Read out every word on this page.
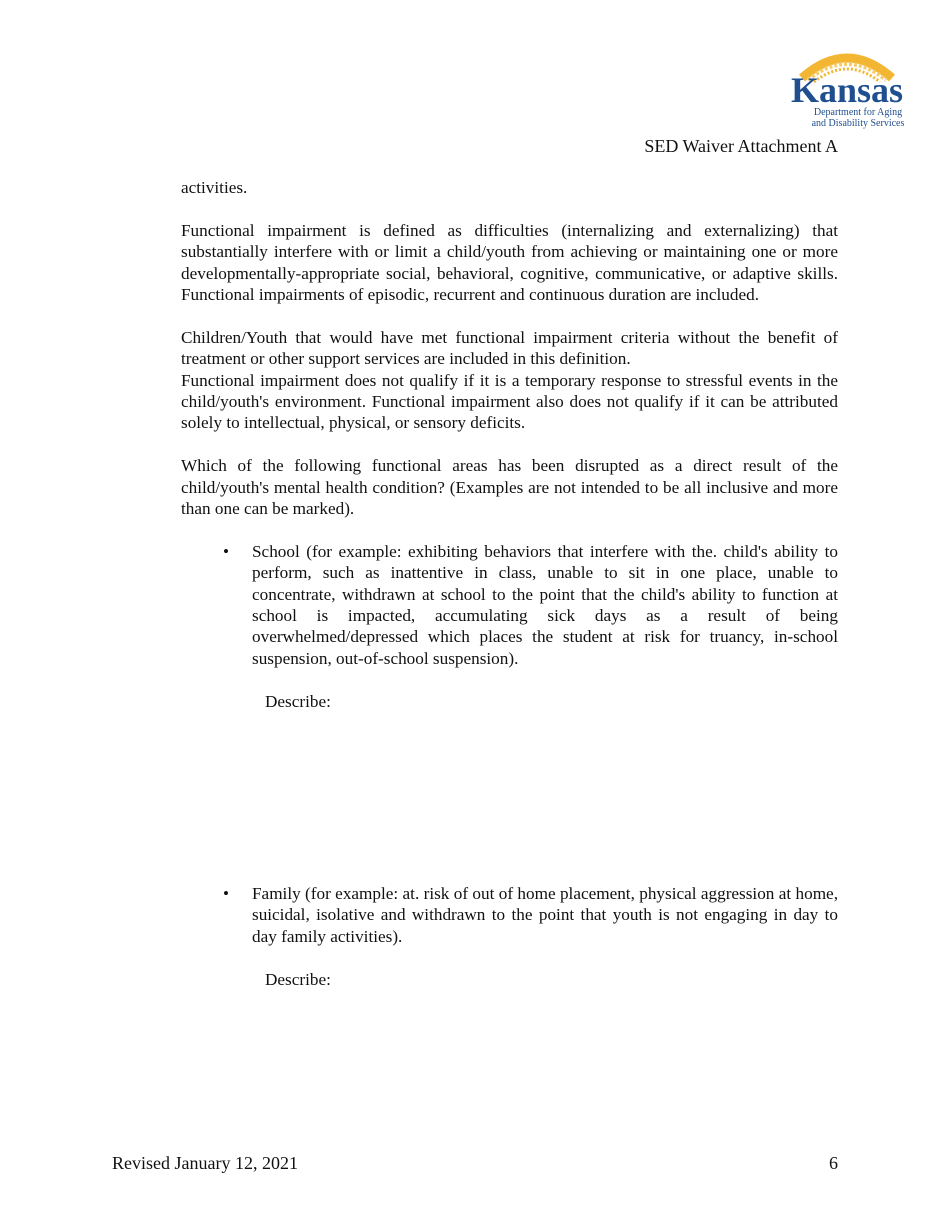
Kansas
Department for Aging
and Disability Services
SED Waiver Attachment A

activities.

Functional impairment is defined as difficulties (internalizing and externalizing) that substantially interfere with or limit a child/youth from achieving or maintaining one or more developmentally-appropriate social, behavioral, cognitive, communicative, or adaptive skills. Functional impairments of episodic, recurrent and continuous duration are included.

Children/Youth that would have met functional impairment criteria without the benefit of treatment or other support services are included in this definition.

Functional impairment does not qualify if it is a temporary response to stressful events in the child/youth's environment. Functional impairment also does not qualify if it can be attributed solely to intellectual, physical, or sensory deficits.

Which of the following functional areas has been disrupted as a direct result of the child/youth's mental health condition? (Examples are not intended to be all inclusive and more than one can be marked).

• School (for example: exhibiting behaviors that interfere with the. child's ability to perform, such as inattentive in class, unable to sit in one place, unable to concentrate, withdrawn at school to the point that the child's ability to function at school is impacted, accumulating sick days as a result of being overwhelmed/depressed which places the student at risk for truancy, in-school suspension, out-of-school suspension).

Describe:
• Family (for example: at. risk of out of home placement, physical aggression at home, suicidal, isolative and withdrawn to the point that youth is not engaging in day to day family activities).

Describe:
Revised January 12, 2021	6
